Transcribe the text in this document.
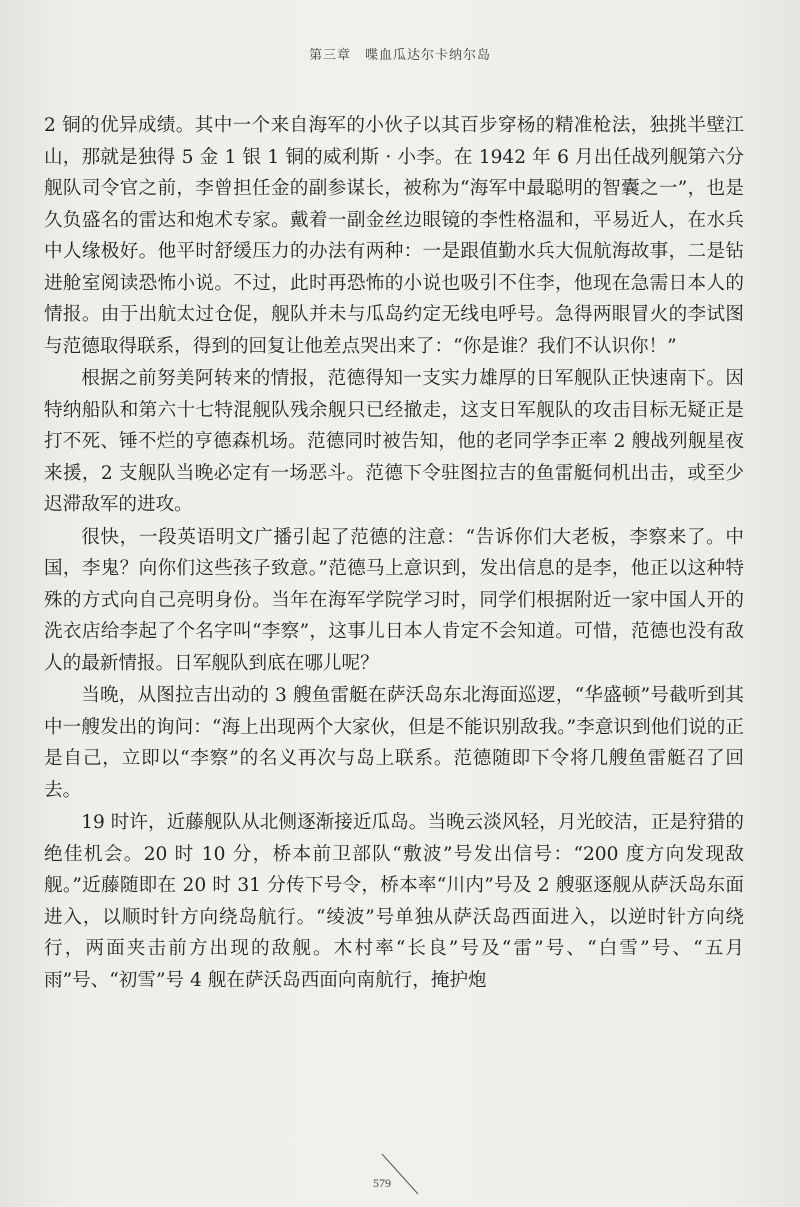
第三章 喋血瓜达尔卡纳尔岛

2 铜的优异成绩。其中一个来自海军的小伙子以其百步穿杨的精准枪法，独挑半壁江山，那就是独得 5 金 1 银 1 铜的威利斯 · 小李。在 1942 年 6 月出任战列舰第六分舰队司令官之前，李曾担任金的副参谋长，被称为“海军中最聪明的智囊之一”，也是久负盛名的雷达和炮术专家。戴着一副金丝边眼镜的李性格温和，平易近人，在水兵中人缘极好。他平时舒缓压力的办法有两种：一是跟值勤水兵大侃航海故事，二是钻进舱室阅读恐怖小说。不过，此时再恐怖的小说也吸引不住李，他现在急需日本人的情报。由于出航太过仓促，舰队并未与瓜岛约定无线电呼号。急得两眼冒火的李试图与范德取得联系，得到的回复让他差点哭出来了：“你是谁？我们不认识你！”

根据之前努美阿转来的情报，范德得知一支实力雄厚的日军舰队正快速南下。因特纳船队和第六十七特混舰队残余舰只已经撤走，这支日军舰队的攻击目标无疑正是打不死、锤不烂的亨德森机场。范德同时被告知，他的老同学李正率 2 艘战列舰星夜来援，2 支舰队当晚必定有一场恶斗。范德下令驻图拉吉的鱼雷艇伺机出击，或至少迟滞敌军的进攻。

很快，一段英语明文广播引起了范德的注意：“告诉你们大老板，李察来了。中国，李鬼？向你们这些孩子致意。”范德马上意识到，发出信息的是李，他正以这种特殊的方式向自己亮明身份。当年在海军学院学习时，同学们根据附近一家中国人开的洗衣店给李起了个名字叫“李察”，这事儿日本人肯定不会知道。可惜，范德也没有敌人的最新情报。日军舰队到底在哪儿呢？

当晚，从图拉吉出动的 3 艘鱼雷艇在萨沃岛东北海面巡逻，“华盛顿”号截听到其中一艘发出的询问：“海上出现两个大家伙，但是不能识别敌我。”李意识到他们说的正是自己，立即以“李察”的名义再次与岛上联系。范德随即下令将几艘鱼雷艇召了回去。

19 时许，近藤舰队从北侧逐渐接近瓜岛。当晚云淡风轻，月光皎洁，正是狩猎的绝佳机会。20 时 10 分，桥本前卫部队“敷波”号发出信号：“200 度方向发现敌舰。”近藤随即在 20 时 31 分传下号令，桥本率“川内”号及 2 艘驱逐舰从萨沃岛东面进入，以顺时针方向绕岛航行。“绫波”号单独从萨沃岛西面进入，以逆时针方向绕行，两面夹击前方出现的敌舰。木村率“长良”号及“雷”号、“白雪”号、“五月雨”号、“初雪”号 4 舰在萨沃岛西面向南航行，掩护炮

579
